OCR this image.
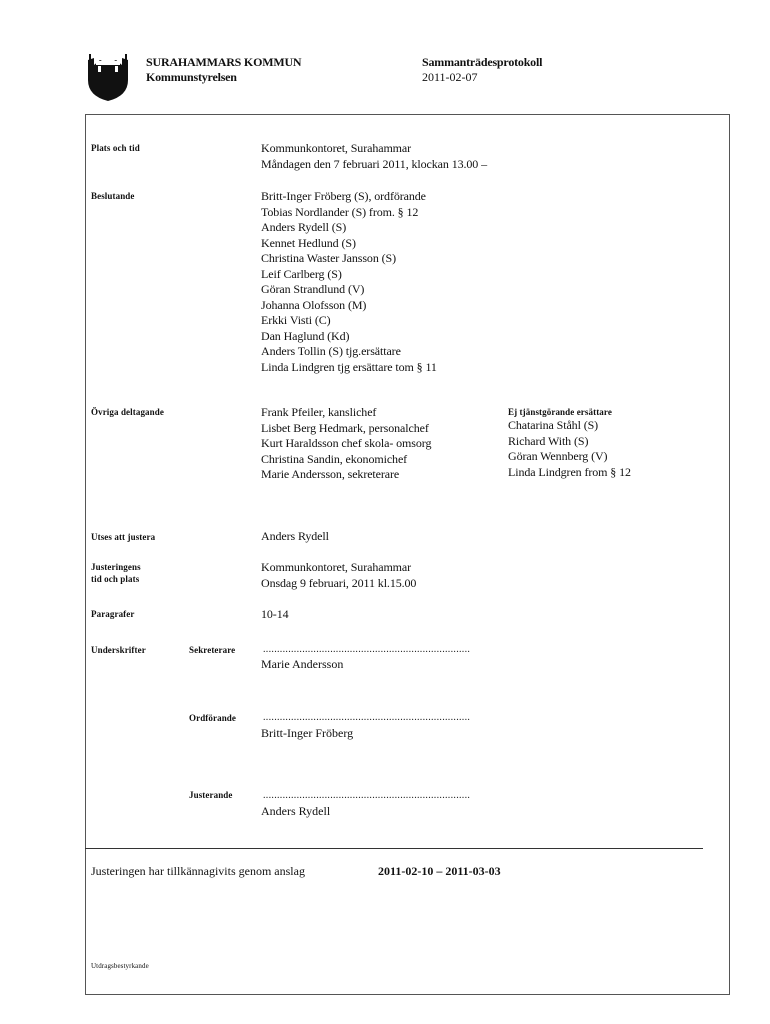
SURAHAMMARS KOMMUN
Kommunstyrelsen
Sammanträdesprotokoll
2011-02-07
Plats och tid	Kommunkontoret, Surahammar
Måndagen den 7 februari 2011, klockan 13.00 –
Beslutande	Britt-Inger Fröberg (S), ordförande
Tobias Nordlander (S) from. § 12
Anders Rydell (S)
Kennet Hedlund (S)
Christina Waster Jansson (S)
Leif Carlberg (S)
Göran Strandlund (V)
Johanna Olofsson (M)
Erkki Visti (C)
Dan Haglund (Kd)
Anders Tollin (S) tjg.ersättare
Linda Lindgren tjg ersättare tom § 11
Övriga deltagande	Frank Pfeiler, kanslichef
Lisbet Berg Hedmark, personalchef
Kurt Haraldsson chef skola- omsorg
Christina Sandin, ekonomichef
Marie Andersson, sekreterare
Ej tjänstgörande ersättare
Chatarina Ståhl (S)
Richard With (S)
Göran Wennberg (V)
Linda Lindgren from § 12
Utses att justera	Anders Rydell
Justeringens
tid och plats
Kommunkontoret, Surahammar
Onsdag 9 februari, 2011 kl.15.00
Paragrafer	10-14
Underskrifter	Sekreterare	..........................................................................
Marie Andersson
Ordförande	..........................................................................
Britt-Inger Fröberg
Justerande	..........................................................................
Anders Rydell
Justeringen har tillkännagivits genom anslag	2011-02-10 – 2011-03-03
Utdragsbestyrkande
